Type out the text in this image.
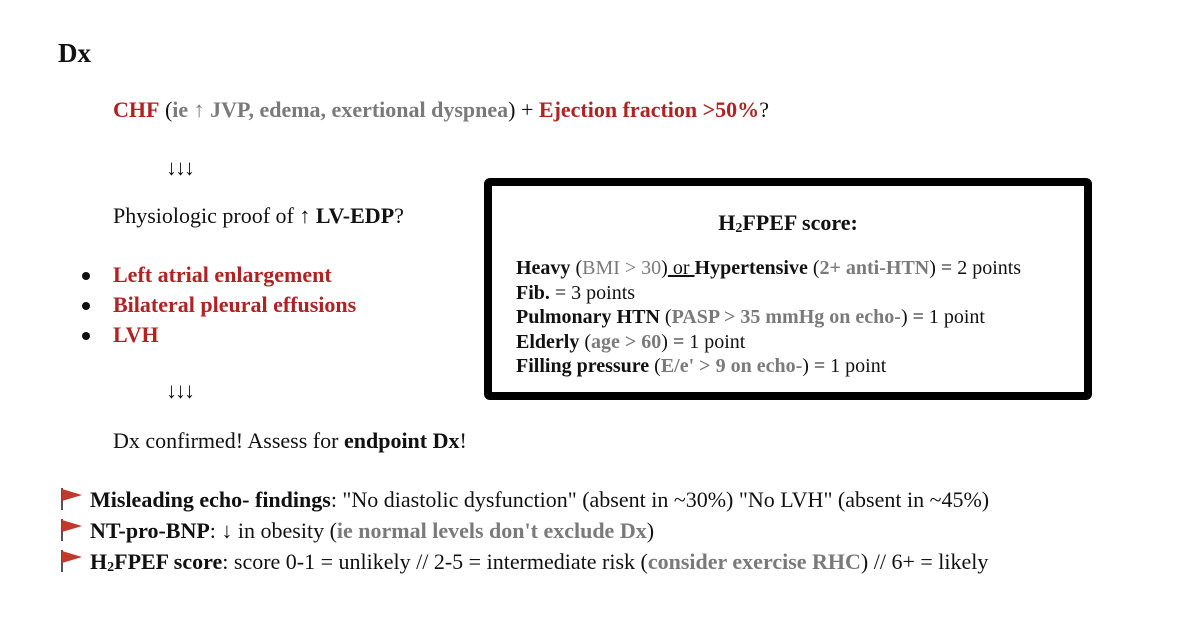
Dx
CHF (ie ↑ JVP, edema, exertional dyspnea) + Ejection fraction >50%?
↓↓↓
Physiologic proof of ↑ LV-EDP?
Left atrial enlargement
Bilateral pleural effusions
LVH
↓↓↓
Dx confirmed! Assess for endpoint Dx!
$H_2FPEF$ score:
Heavy (BMI > 30) or Hypertensive (2+ anti-HTN) = 2 points
Fib. = 3 points
Pulmonary HTN (PASP > 35 mmHg on echo-) = 1 point
Elderly (age > 60) = 1 point
Filling pressure (E/e' > 9 on echo-) = 1 point
Misleading echo- findings: "No diastolic dysfunction" (absent in ~30%) "No LVH" (absent in ~45%)
NT-pro-BNP: ↓ in obesity (ie normal levels don't exclude Dx)
$H_2FPEF$ score: score 0-1 = unlikely // 2-5 = intermediate risk (consider exercise RHC) // 6+ = likely
